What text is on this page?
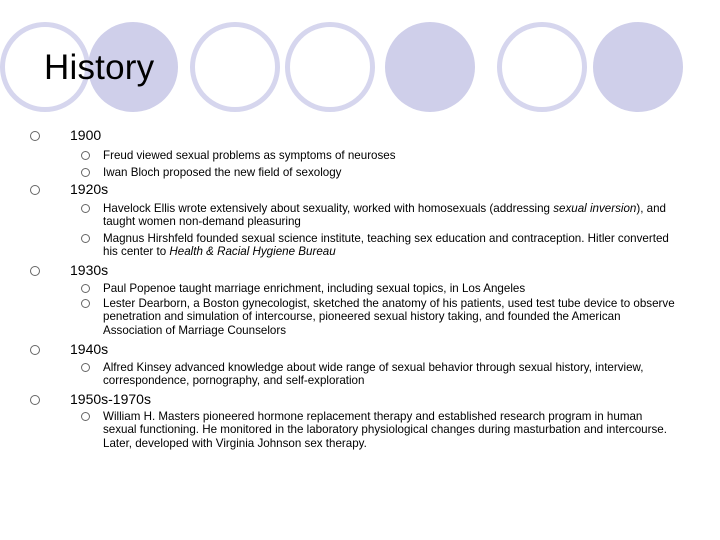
History
1900
Freud viewed sexual problems as symptoms of neuroses
Iwan Bloch proposed the new field of sexology
1920s
Havelock Ellis wrote extensively about sexuality, worked with homosexuals (addressing sexual inversion), and taught women non-demand pleasuring
Magnus Hirshfeld founded sexual science institute, teaching sex education and contraception. Hitler converted his center to Health & Racial Hygiene Bureau
1930s
Paul Popenoe taught marriage enrichment, including sexual topics, in Los Angeles
Lester Dearborn, a Boston gynecologist, sketched the anatomy of his patients, used test tube device to observe penetration and simulation of intercourse, pioneered sexual history taking, and founded the American Association of Marriage Counselors
1940s
Alfred Kinsey advanced knowledge about wide range of sexual behavior through sexual history, interview, correspondence, pornography, and self-exploration
1950s-1970s
William H. Masters pioneered hormone replacement therapy and established research program in human sexual functioning. He monitored in the laboratory physiological changes during masturbation and intercourse. Later, developed with Virginia Johnson sex therapy.
